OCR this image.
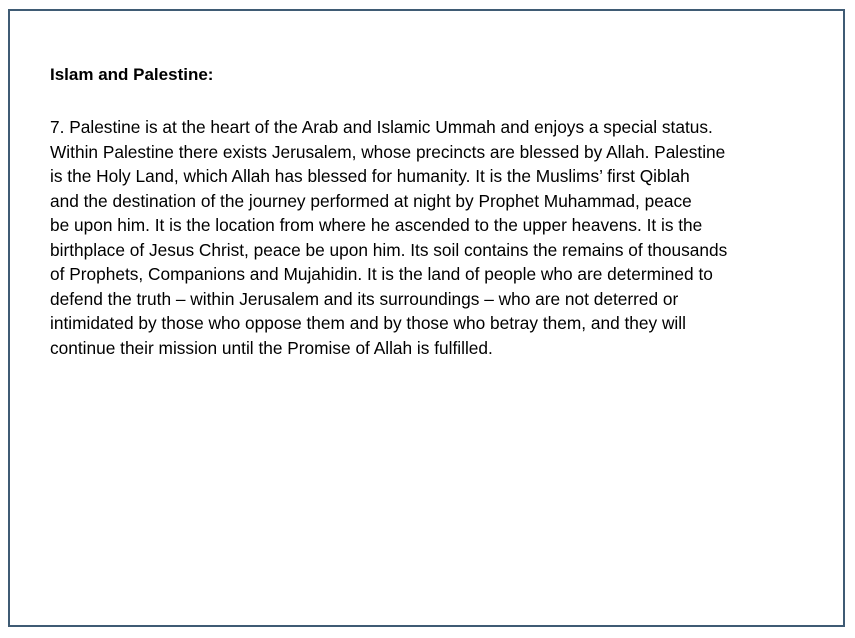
Islam and Palestine:

7. Palestine is at the heart of the Arab and Islamic Ummah and enjoys a special status.
Within Palestine there exists Jerusalem, whose precincts are blessed by Allah. Palestine
is the Holy Land, which Allah has blessed for humanity. It is the Muslims’ first Qiblah
and the destination of the journey performed at night by Prophet Muhammad, peace
be upon him. It is the location from where he ascended to the upper heavens. It is the
birthplace of Jesus Christ, peace be upon him. Its soil contains the remains of thousands
of Prophets, Companions and Mujahidin. It is the land of people who are determined to
defend the truth – within Jerusalem and its surroundings – who are not deterred or
intimidated by those who oppose them and by those who betray them, and they will
continue their mission until the Promise of Allah is fulfilled.
